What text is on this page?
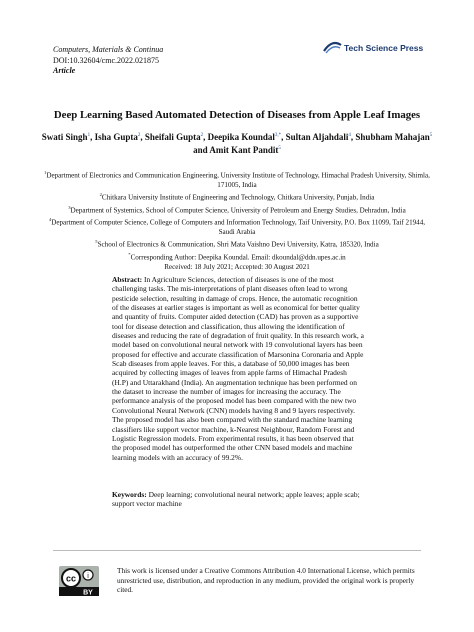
Computers, Materials & Continua
DOI:10.32604/cmc.2022.021875
Article
Tech Science Press
Deep Learning Based Automated Detection of Diseases from Apple Leaf Images
Swati Singh$^1$, Isha Gupta$^2$, Sheifali Gupta$^2$, Deepika Koundal$^{3,*}$, Sultan Aljahdali$^4$, Shubham Mahajan$^5$
and Amit Kant Pandit$^5$
$^1$Department of Electronics and Communication Engineering, University Institute of Technology, Himachal Pradesh University, Shimla, 171005, India
$^2$Chitkara University Institute of Engineering and Technology, Chitkara University, Punjab, India
$^3$Department of Systemics, School of Computer Science, University of Petroleum and Energy Studies, Dehradun, India
$^4$Department of Computer Science, College of Computers and Information Technology, Taif University, P.O. Box 11099, Taif 21944, Saudi Arabia
$^5$School of Electronics & Communication, Shri Mata Vaishno Devi University, Katra, 185320, India
*Corresponding Author: Deepika Koundal. Email: dkoundal@ddn.upes.ac.in
Received: 18 July 2021; Accepted: 30 August 2021
Abstract: In Agriculture Sciences, detection of diseases is one of the most challenging tasks. The mis-interpretations of plant diseases often lead to wrong pesticide selection, resulting in damage of crops. Hence, the automatic recognition of the diseases at earlier stages is important as well as economical for better quality and quantity of fruits. Computer aided detection (CAD) has proven as a supportive tool for disease detection and classification, thus allowing the identification of diseases and reducing the rate of degradation of fruit quality. In this research work, a model based on convolutional neural network with 19 convolutional layers has been proposed for effective and accurate classification of Marsonina Coronaria and Apple Scab diseases from apple leaves. For this, a database of 50,000 images has been acquired by collecting images of leaves from apple farms of Himachal Pradesh (H.P) and Uttarakhand (India). An augmentation technique has been performed on the dataset to increase the number of images for increasing the accuracy. The performance analysis of the proposed model has been compared with the new two Convolutional Neural Network (CNN) models having 8 and 9 layers respectively. The proposed model has also been compared with the standard machine learning classifiers like support vector machine, k-Nearest Neighbour, Random Forest and Logistic Regression models. From experimental results, it has been observed that the proposed model has outperformed the other CNN based models and machine learning models with an accuracy of 99.2%.
Keywords: Deep learning; convolutional neural network; apple leaves; apple scab; support vector machine
cc i
BY
This work is licensed under a Creative Commons Attribution 4.0 International License, which permits unrestricted use, distribution, and reproduction in any medium, provided the original work is properly cited.
